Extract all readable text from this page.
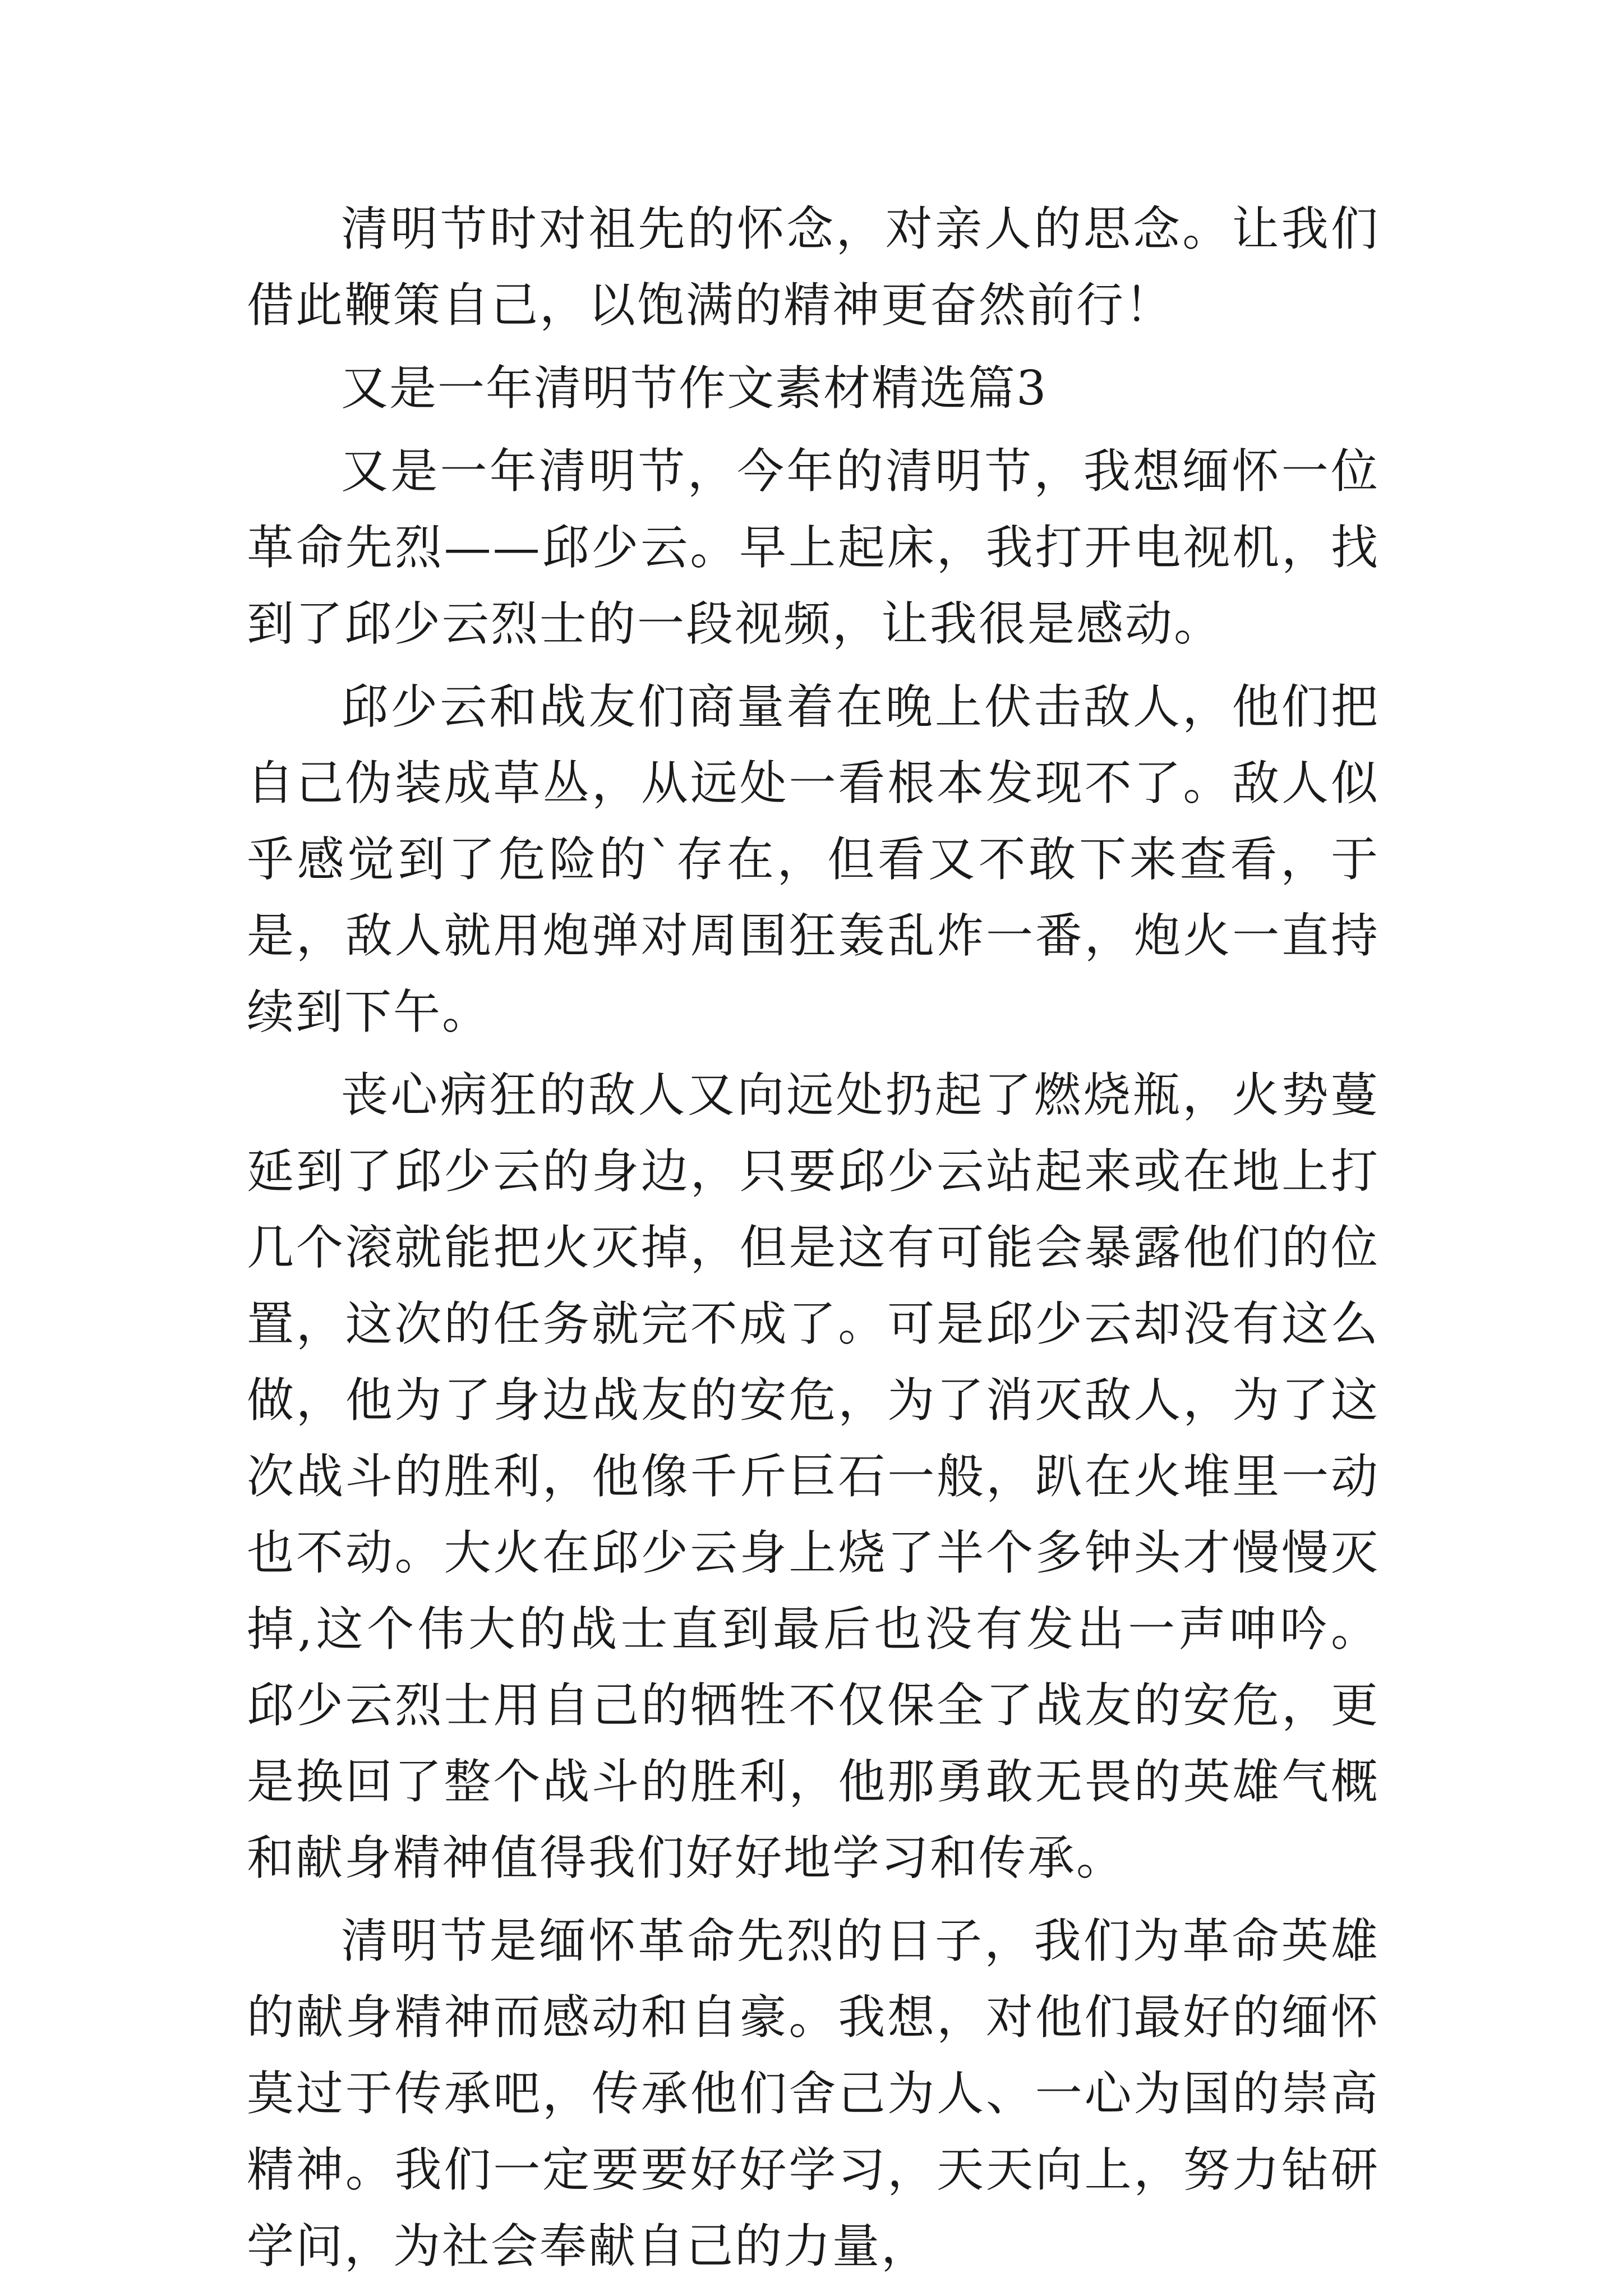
清明节时对祖先的怀念，对亲人的思念。让我们借此鞭策自己，以饱满的精神更奋然前行！

又是一年清明节作文素材精选篇3

又是一年清明节，今年的清明节，我想缅怀一位革命先烈——邱少云。早上起床，我打开电视机，找到了邱少云烈士的一段视频，让我很是感动。

邱少云和战友们商量着在晚上伏击敌人，他们把自己伪装成草丛，从远处一看根本发现不了。敌人似乎感觉到了危险的`存在，但看又不敢下来查看，于是，敌人就用炮弹对周围狂轰乱炸一番，炮火一直持续到下午。

丧心病狂的敌人又向远处扔起了燃烧瓶，火势蔓延到了邱少云的身边，只要邱少云站起来或在地上打几个滚就能把火灭掉，但是这有可能会暴露他们的位置，这次的任务就完不成了。可是邱少云却没有这么做，他为了身边战友的安危，为了消灭敌人，为了这次战斗的胜利，他像千斤巨石一般，趴在火堆里一动也不动。大火在邱少云身上烧了半个多钟头才慢慢灭掉,这个伟大的战士直到最后也没有发出一声呻吟。邱少云烈士用自己的牺牲不仅保全了战友的安危，更是换回了整个战斗的胜利，他那勇敢无畏的英雄气概和献身精神值得我们好好地学习和传承。

清明节是缅怀革命先烈的日子，我们为革命英雄的献身精神而感动和自豪。我想，对他们最好的缅怀莫过于传承吧，传承他们舍己为人、一心为国的崇高精神。我们一定要要好好学习，天天向上，努力钻研学问，为社会奉献自己的力量，
